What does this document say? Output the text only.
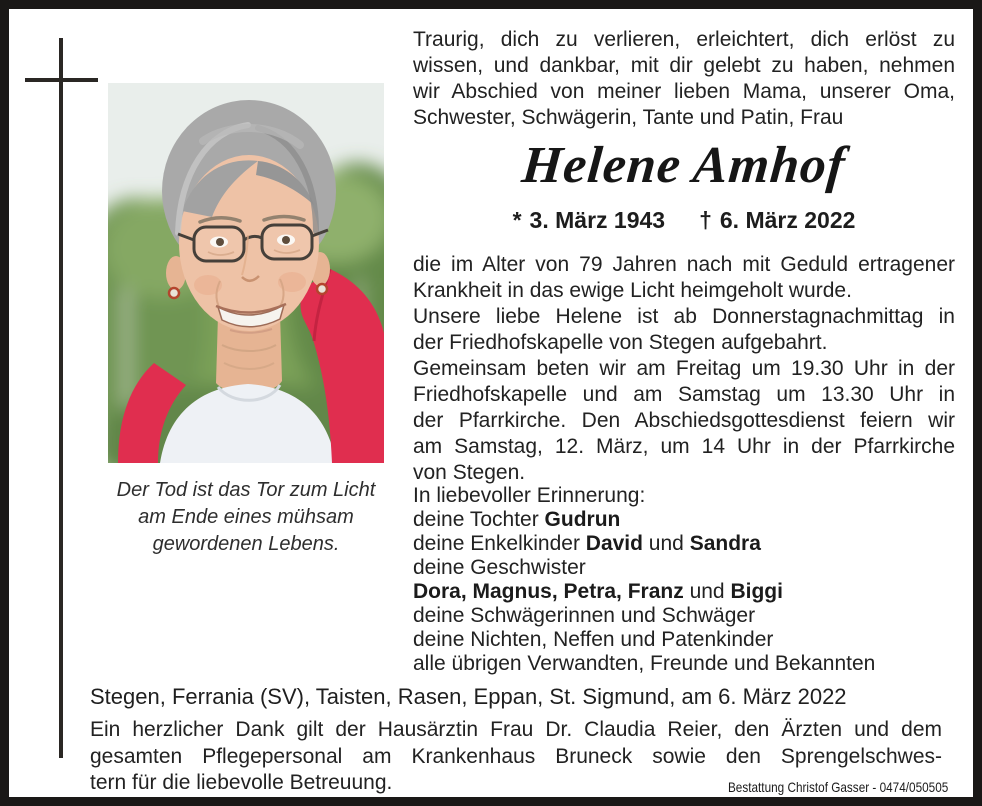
Der Tod ist das Tor zum Licht
am Ende eines mühsam
gewordenen Lebens.
Traurig, dich zu verlieren, erleichtert, dich erlöst zu
wissen, und dankbar, mit dir gelebt zu haben, nehmen
wir Abschied von meiner lieben Mama, unserer Oma,
Schwester, Schwägerin, Tante und Patin, Frau
Helene Amhof
* 3. März 1943 † 6. März 2022
die im Alter von 79 Jahren nach mit Geduld ertragener
Krankheit in das ewige Licht heimgeholt wurde.
Unsere liebe Helene ist ab Donnerstagnachmittag in
der Friedhofskapelle von Stegen aufgebahrt.
Gemeinsam beten wir am Freitag um 19.30 Uhr in der
Friedhofskapelle und am Samstag um 13.30 Uhr in
der Pfarrkirche. Den Abschiedsgottesdienst feiern wir
am Samstag, 12. März, um 14 Uhr in der Pfarrkirche
von Stegen.
In liebevoller Erinnerung:
deine Tochter Gudrun
deine Enkelkinder David und Sandra
deine Geschwister
Dora, Magnus, Petra, Franz und Biggi
deine Schwägerinnen und Schwäger
deine Nichten, Neffen und Patenkinder
alle übrigen Verwandten, Freunde und Bekannten
Stegen, Ferrania (SV), Taisten, Rasen, Eppan, St. Sigmund, am 6. März 2022
Ein herzlicher Dank gilt der Hausärztin Frau Dr. Claudia Reier, den Ärzten und dem
gesamten Pflegepersonal am Krankenhaus Bruneck sowie den Sprengelschwes-
tern für die liebevolle Betreuung.	Bestattung Christof Gasser - 0474/050505
